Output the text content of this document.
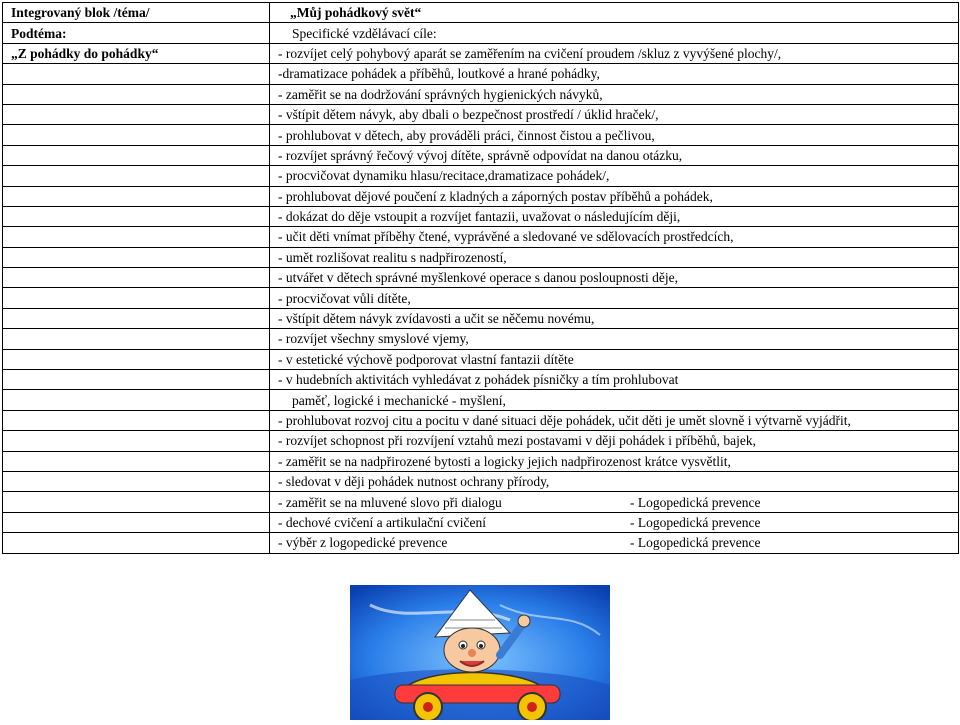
Integrovaný blok /téma/	„Můj pohádkový svět“
Podtéma:	Specifické vzdělávací cíle:
„Z pohádky do pohádky“	- rozvíjet celý pohybový aparát se zaměřením na cvičení proudem /skluz z vyvýšené plochy/,
	-dramatizace pohádek a příběhů, loutkové a hrané pohádky,
	- zaměřit se na dodržování správných hygienických návyků,
	- vštípit dětem návyk, aby dbali o bezpečnost prostředí / úklid hraček/,
	- prohlubovat v dětech, aby prováděli práci, činnost čistou a pečlivou,
	- rozvíjet správný řečový vývoj dítěte, správně odpovídat na danou otázku,
	- procvičovat dynamiku hlasu/recitace,dramatizace pohádek/,
	- prohlubovat dějové poučení z kladných a záporných postav příběhů a pohádek,
	- dokázat do děje vstoupit a rozvíjet fantazii, uvažovat o následujícím ději,
	- učit děti vnímat příběhy čtené, vyprávěné a sledované ve sdělovacích prostředcích,
	- umět rozlišovat realitu s nadpřirozeností,
	- utvářet v dětech správné myšlenkové operace s danou posloupnosti děje,
	- procvičovat vůli dítěte,
	- vštípit dětem návyk zvídavosti a učit se něčemu novému,
	- rozvíjet všechny smyslové vjemy,
	- v estetické výchově podporovat vlastní fantazii dítěte
	- v hudebních aktivitách vyhledávat z pohádek písničky a tím prohlubovat
	paměť, logické i mechanické - myšlení,
	- prohlubovat rozvoj citu a pocitu v dané situaci děje pohádek, učit děti je umět slovně i výtvarně vyjádřit,
	- rozvíjet schopnost při rozvíjení vztahů mezi postavami v ději pohádek i příběhů, bajek,
	- zaměřit se na nadpřirozené bytosti a logicky jejich nadpřirozenost krátce vysvětlit,
	- sledovat v ději pohádek nutnost ochrany přírody,
	- zaměřit se na mluvené slovo při dialogu - Logopedická prevence
	- dechové cvičení a artikulační cvičení - Logopedická prevence
	- výběr z logopedické prevence - Logopedická prevence
